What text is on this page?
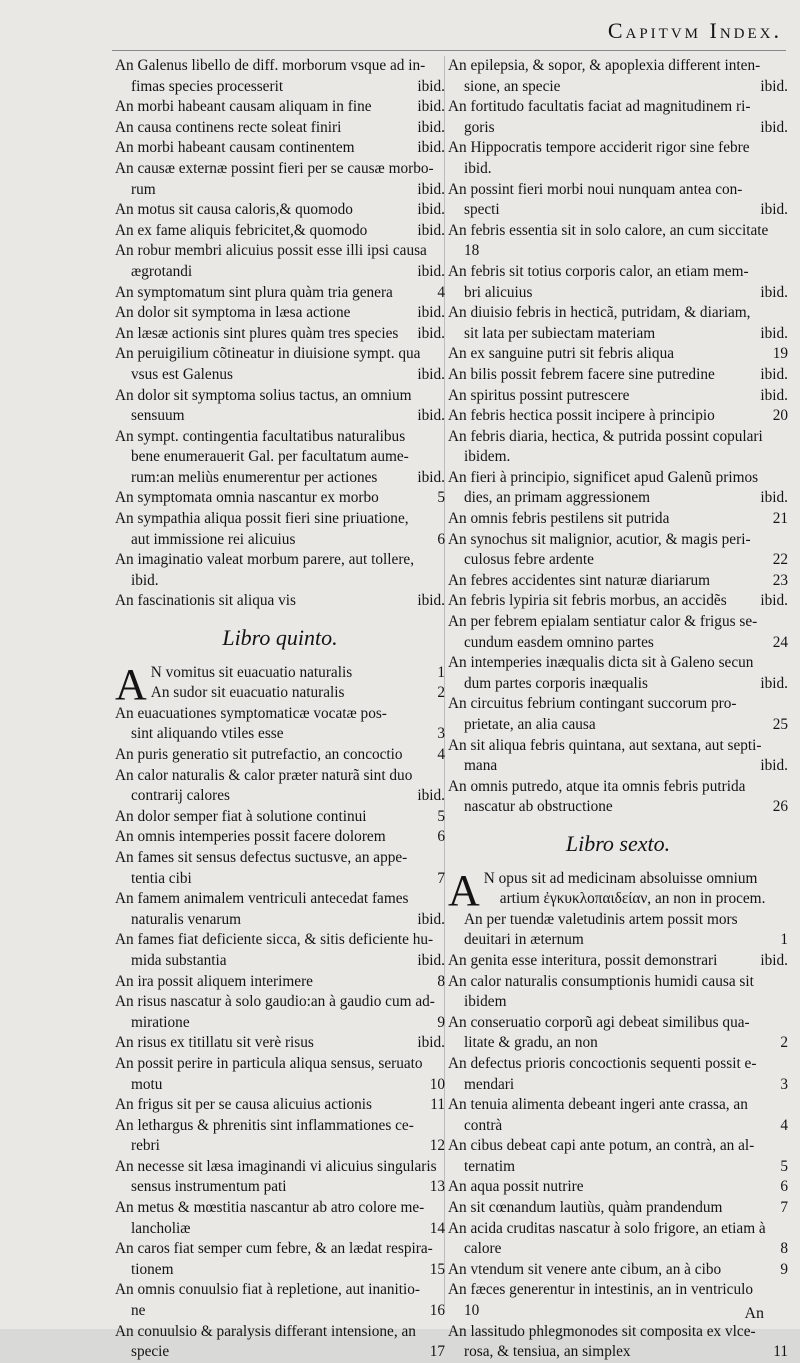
Capitvm Index.
An Galenus libello de diff. morborum vsque ad in-
fimas species processerit	ibid.
An morbi habeant causam aliquam in fine	ibid.
An causa continens recte soleat finiri	ibid.
An morbi habeant causam continentem	ibid.
An causæ externæ possint fieri per se causæ morbo-
rum	ibid.
An motus sit causa caloris,& quomodo	ibid.
An ex fame aliquis febricitet,& quomodo	ibid.
An robur membri alicuius possit esse illi ipsi causa
ægrotandi	ibid.
An symptomatum sint plura quàm tria genera	4
An dolor sit symptoma in læsa actione	ibid.
An læsæ actionis sint plures quàm tres species	ibid.
An peruigilium cõtineatur in diuisione sympt. qua
vsus est Galenus	ibid.
An dolor sit symptoma solius tactus, an omnium
sensuum	ibid.
An sympt. contingentia facultatibus naturalibus
bene enumerauerit Gal. per facultatum aume-
rum:an meliùs enumerentur per actiones	ibid.
An symptomata omnia nascantur ex morbo	5
An sympathia aliqua possit fieri sine priuatione,
aut immissione rei alicuius	6
An imaginatio valeat morbum parere, aut tollere,
ibid.
An fascinationis sit aliqua vis	ibid.
Libro quinto.
A N vomitus sit euacuatio naturalis	1
An sudor sit euacuatio naturalis	2
An euacuationes symptomaticæ vocatæ pos-
sint aliquando vtiles esse	3
An puris generatio sit putrefactio, an concoctio	4
An calor naturalis & calor præter naturã sint duo
contrarij calores	ibid.
An dolor semper fiat à solutione continui	5
An omnis intemperies possit facere dolorem	6
An fames sit sensus defectus suctusve, an appe-
tentia cibi	7
An famem animalem ventriculi antecedat fames
naturalis venarum	ibid.
An fames fiat deficiente sicca, & sitis deficiente hu-
mida substantia	ibid.
An ira possit aliquem interimere	8
An risus nascatur à solo gaudio:an à gaudio cum ad-
miratione	9
An risus ex titillatu sit verè risus	ibid.
An possit perire in particula aliqua sensus, seruato
motu	10
An frigus sit per se causa alicuius actionis	11
An lethargus & phrenitis sint inflammationes ce-
rebri	12
An necesse sit læsa imaginandi vi alicuius singularis
sensus instrumentum pati	13
An metus & mœstitia nascantur ab atro colore me-
lancholiæ	14
An caros fiat semper cum febre, & an lædat respira-
tionem	15
An omnis conuulsio fiat à repletione, aut inanitio-
ne	16
An conuulsio & paralysis differant intensione, an
specie	17
An epilepsia, & sopor, & apoplexia different inten-
sione, an specie	ibid.
An fortitudo facultatis faciat ad magnitudinem ri-
goris	ibid.
An Hippocratis tempore acciderit rigor sine febre
ibid.
An possint fieri morbi noui nunquam antea con-
specti	ibid.
An febris essentia sit in solo calore, an cum siccitate
18
An febris sit totius corporis calor, an etiam mem-
bri alicuius	ibid.
An diuisio febris in hecticã, putridam, & diariam,
sit lata per subiectam materiam	ibid.
An ex sanguine putri sit febris aliqua	19
An bilis possit febrem facere sine putredine	ibid.
An spiritus possint putrescere	ibid.
An febris hectica possit incipere à principio	20
An febris diaria, hectica, & putrida possint copulari
ibidem.
An fieri à principio, significet apud Galenũ primos
dies, an primam aggressionem	ibid.
An omnis febris pestilens sit putrida	21
An synochus sit malignior, acutior, & magis peri-
culosus febre ardente	22
An febres accidentes sint naturæ diariarum	23
An febris lypiria sit febris morbus, an accidẽs	ibid.
An per febrem epialam sentiatur calor & frigus se-
cundum easdem omnino partes	24
An intemperies inæqualis dicta sit à Galeno secun
dum partes corporis inæqualis	ibid.
An circuitus febrium contingant succorum pro-
prietate, an alia causa	25
An sit aliqua febris quintana, aut sextana, aut septi-
mana	ibid.
An omnis putredo, atque ita omnis febris putrida
nascatur ab obstructione	26
Libro sexto.
A N opus sit ad medicinam absoluisse omnium
artium ἐγκυκλοπαιδείαν, an non in procem.
An per tuendæ valetudinis artem possit mors
deuitari in æternum	1
An genita esse interitura, possit demonstrari	ibid.
An calor naturalis consumptionis humidi causa sit
ibidem
An conseruatio corporũ agi debeat similibus qua-
litate & gradu, an non	2
An defectus prioris concoctionis sequenti possit e-
mendari	3
An tenuia alimenta debeant ingeri ante crassa, an
contrà	4
An cibus debeat capi ante potum, an contrà, an al-
ternatim	5
An aqua possit nutrire	6
An sit cœnandum lautiùs, quàm prandendum	7
An acida cruditas nascatur à solo frigore, an etiam à
calore	8
An vtendum sit venere ante cibum, an à cibo	9
An fæces generentur in intestinis, an in ventriculo
10
An lassitudo phlegmonodes sit composita ex vlce-
rosa, & tensiua, an simplex	11
An
